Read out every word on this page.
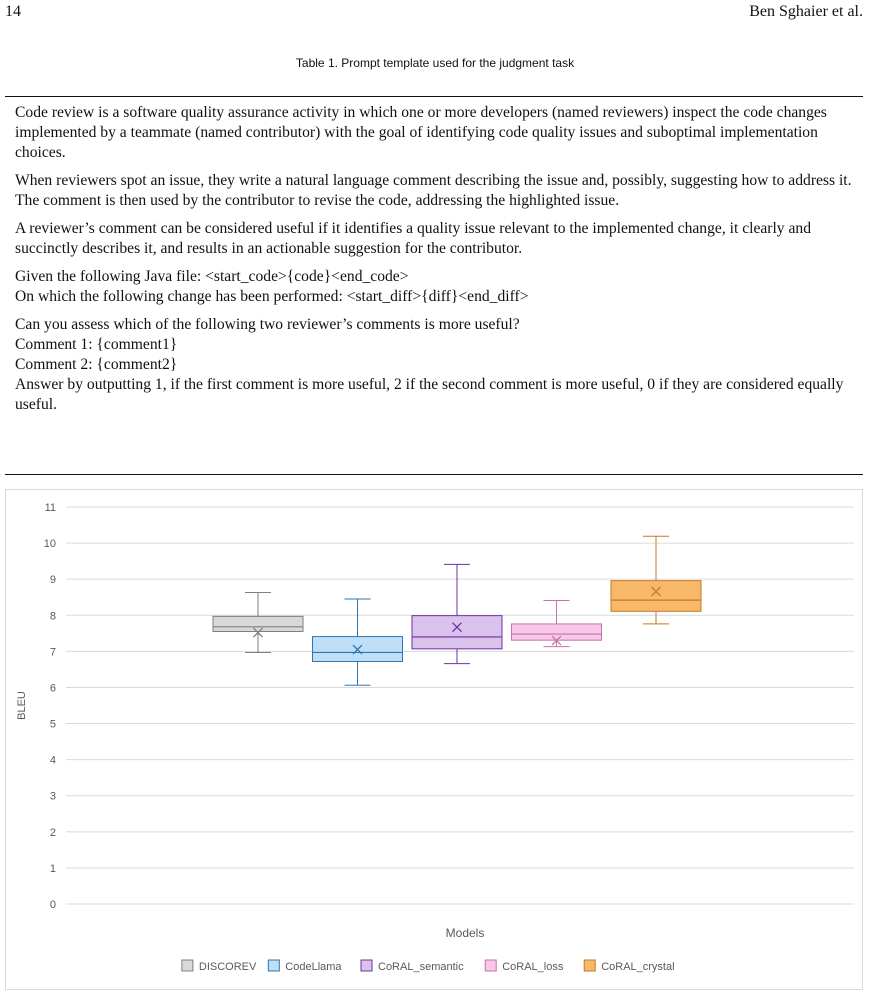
14	Ben Sghaier et al.
Table 1. Prompt template used for the judgment task

Code review is a software quality assurance activity in which one or more developers (named reviewers) inspect the code changes implemented by a teammate (named contributor) with the goal of identifying code quality issues and suboptimal implementation choices.

When reviewers spot an issue, they write a natural language comment describing the issue and, possibly, suggesting how to address it. The comment is then used by the contributor to revise the code, addressing the highlighted issue.

A reviewer’s comment can be considered useful if it identifies a quality issue relevant to the implemented change, it clearly and succinctly describes it, and results in an actionable suggestion for the contributor.

Given the following Java file: <start_code>{code}<end_code>
On which the following change has been performed: <start_diff>{diff}<end_diff>

Can you assess which of the following two reviewer’s comments is more useful?
Comment 1: {comment1}
Comment 2: {comment2}
Answer by outputting 1, if the first comment is more useful, 2 if the second comment is more useful, 0 if they are considered equally useful.

0
1
2
3
4
5
6
7
8
9
10
11
BLEU
Models
DISCOREV	CodeLlama	CoRAL_semantic	CoRAL_loss	CoRAL_crystal
